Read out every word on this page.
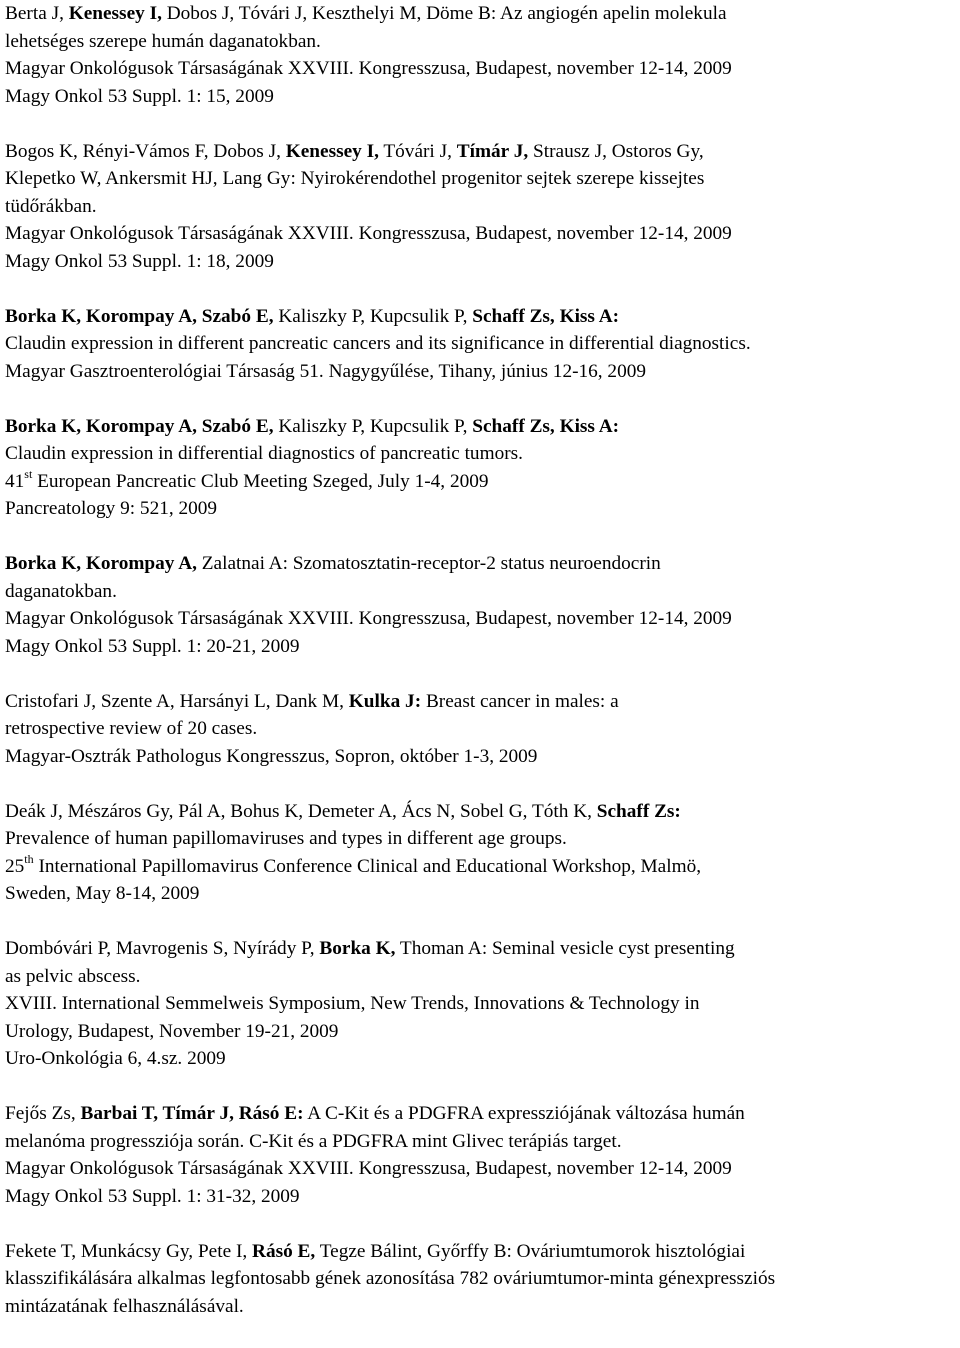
Berta J, Kenessey I, Dobos J, Tóvári J, Keszthelyi M, Döme B: Az angiogén apelin molekula
lehetséges szerepe humán daganatokban.
Magyar Onkológusok Társaságának XXVIII. Kongresszusa, Budapest, november 12-14, 2009
Magy Onkol 53 Suppl. 1: 15, 2009
Bogos K, Rényi-Vámos F, Dobos J, Kenessey I, Tóvári J, Tímár J, Strausz J, Ostoros Gy,
Klepetko W, Ankersmit HJ, Lang Gy: Nyirokérendothel progenitor sejtek szerepe kissejtes
tüdőrákban.
Magyar Onkológusok Társaságának XXVIII. Kongresszusa, Budapest, november 12-14, 2009
Magy Onkol 53 Suppl. 1: 18, 2009
Borka K, Korompay A, Szabó E, Kaliszky P, Kupcsulik P, Schaff Zs, Kiss A:
Claudin expression in different pancreatic cancers and its significance in differential diagnostics.
Magyar Gasztroenterológiai Társaság 51. Nagygyűlése, Tihany, június 12-16, 2009
Borka K, Korompay A, Szabó E, Kaliszky P, Kupcsulik P, Schaff Zs, Kiss A:
Claudin expression in differential diagnostics of pancreatic tumors.
41st European Pancreatic Club Meeting Szeged, July 1-4, 2009
Pancreatology 9: 521, 2009
Borka K, Korompay A, Zalatnai A: Szomatosztatin-receptor-2 status neuroendocrin
daganatokban.
Magyar Onkológusok Társaságának XXVIII. Kongresszusa, Budapest, november 12-14, 2009
Magy Onkol 53 Suppl. 1: 20-21, 2009
Cristofari J, Szente A, Harsányi L, Dank M, Kulka J: Breast cancer in males: a
retrospective review of 20 cases.
Magyar-Osztrák Pathologus Kongresszus, Sopron, október 1-3, 2009
Deák J, Mészáros Gy, Pál A, Bohus K, Demeter A, Ács N, Sobel G, Tóth K, Schaff Zs:
Prevalence of human papillomaviruses and types in different age groups.
25th International Papillomavirus Conference Clinical and Educational Workshop, Malmö,
Sweden, May 8-14, 2009
Dombóvári P, Mavrogenis S, Nyírády P, Borka K, Thoman A: Seminal vesicle cyst presenting
as pelvic abscess.
XVIII. International Semmelweis Symposium, New Trends, Innovations & Technology in
Urology, Budapest, November 19-21, 2009
Uro-Onkológia 6, 4.sz. 2009
Fejős Zs, Barbai T, Tímár J, Rásó E: A C-Kit és a PDGFRA expressziójának változása humán
melanóma progressziója során. C-Kit és a PDGFRA mint Glivec terápiás target.
Magyar Onkológusok Társaságának XXVIII. Kongresszusa, Budapest, november 12-14, 2009
Magy Onkol 53 Suppl. 1: 31-32, 2009
Fekete T, Munkácsy Gy, Pete I, Rásó E, Tegze Bálint, Győrffy B: Ováriumtumorok hisztológiai
klasszifikálására alkalmas legfontosabb gének azonosítása 782 ováriumtumor-minta génexpressziós
mintázatának felhasználásával.
